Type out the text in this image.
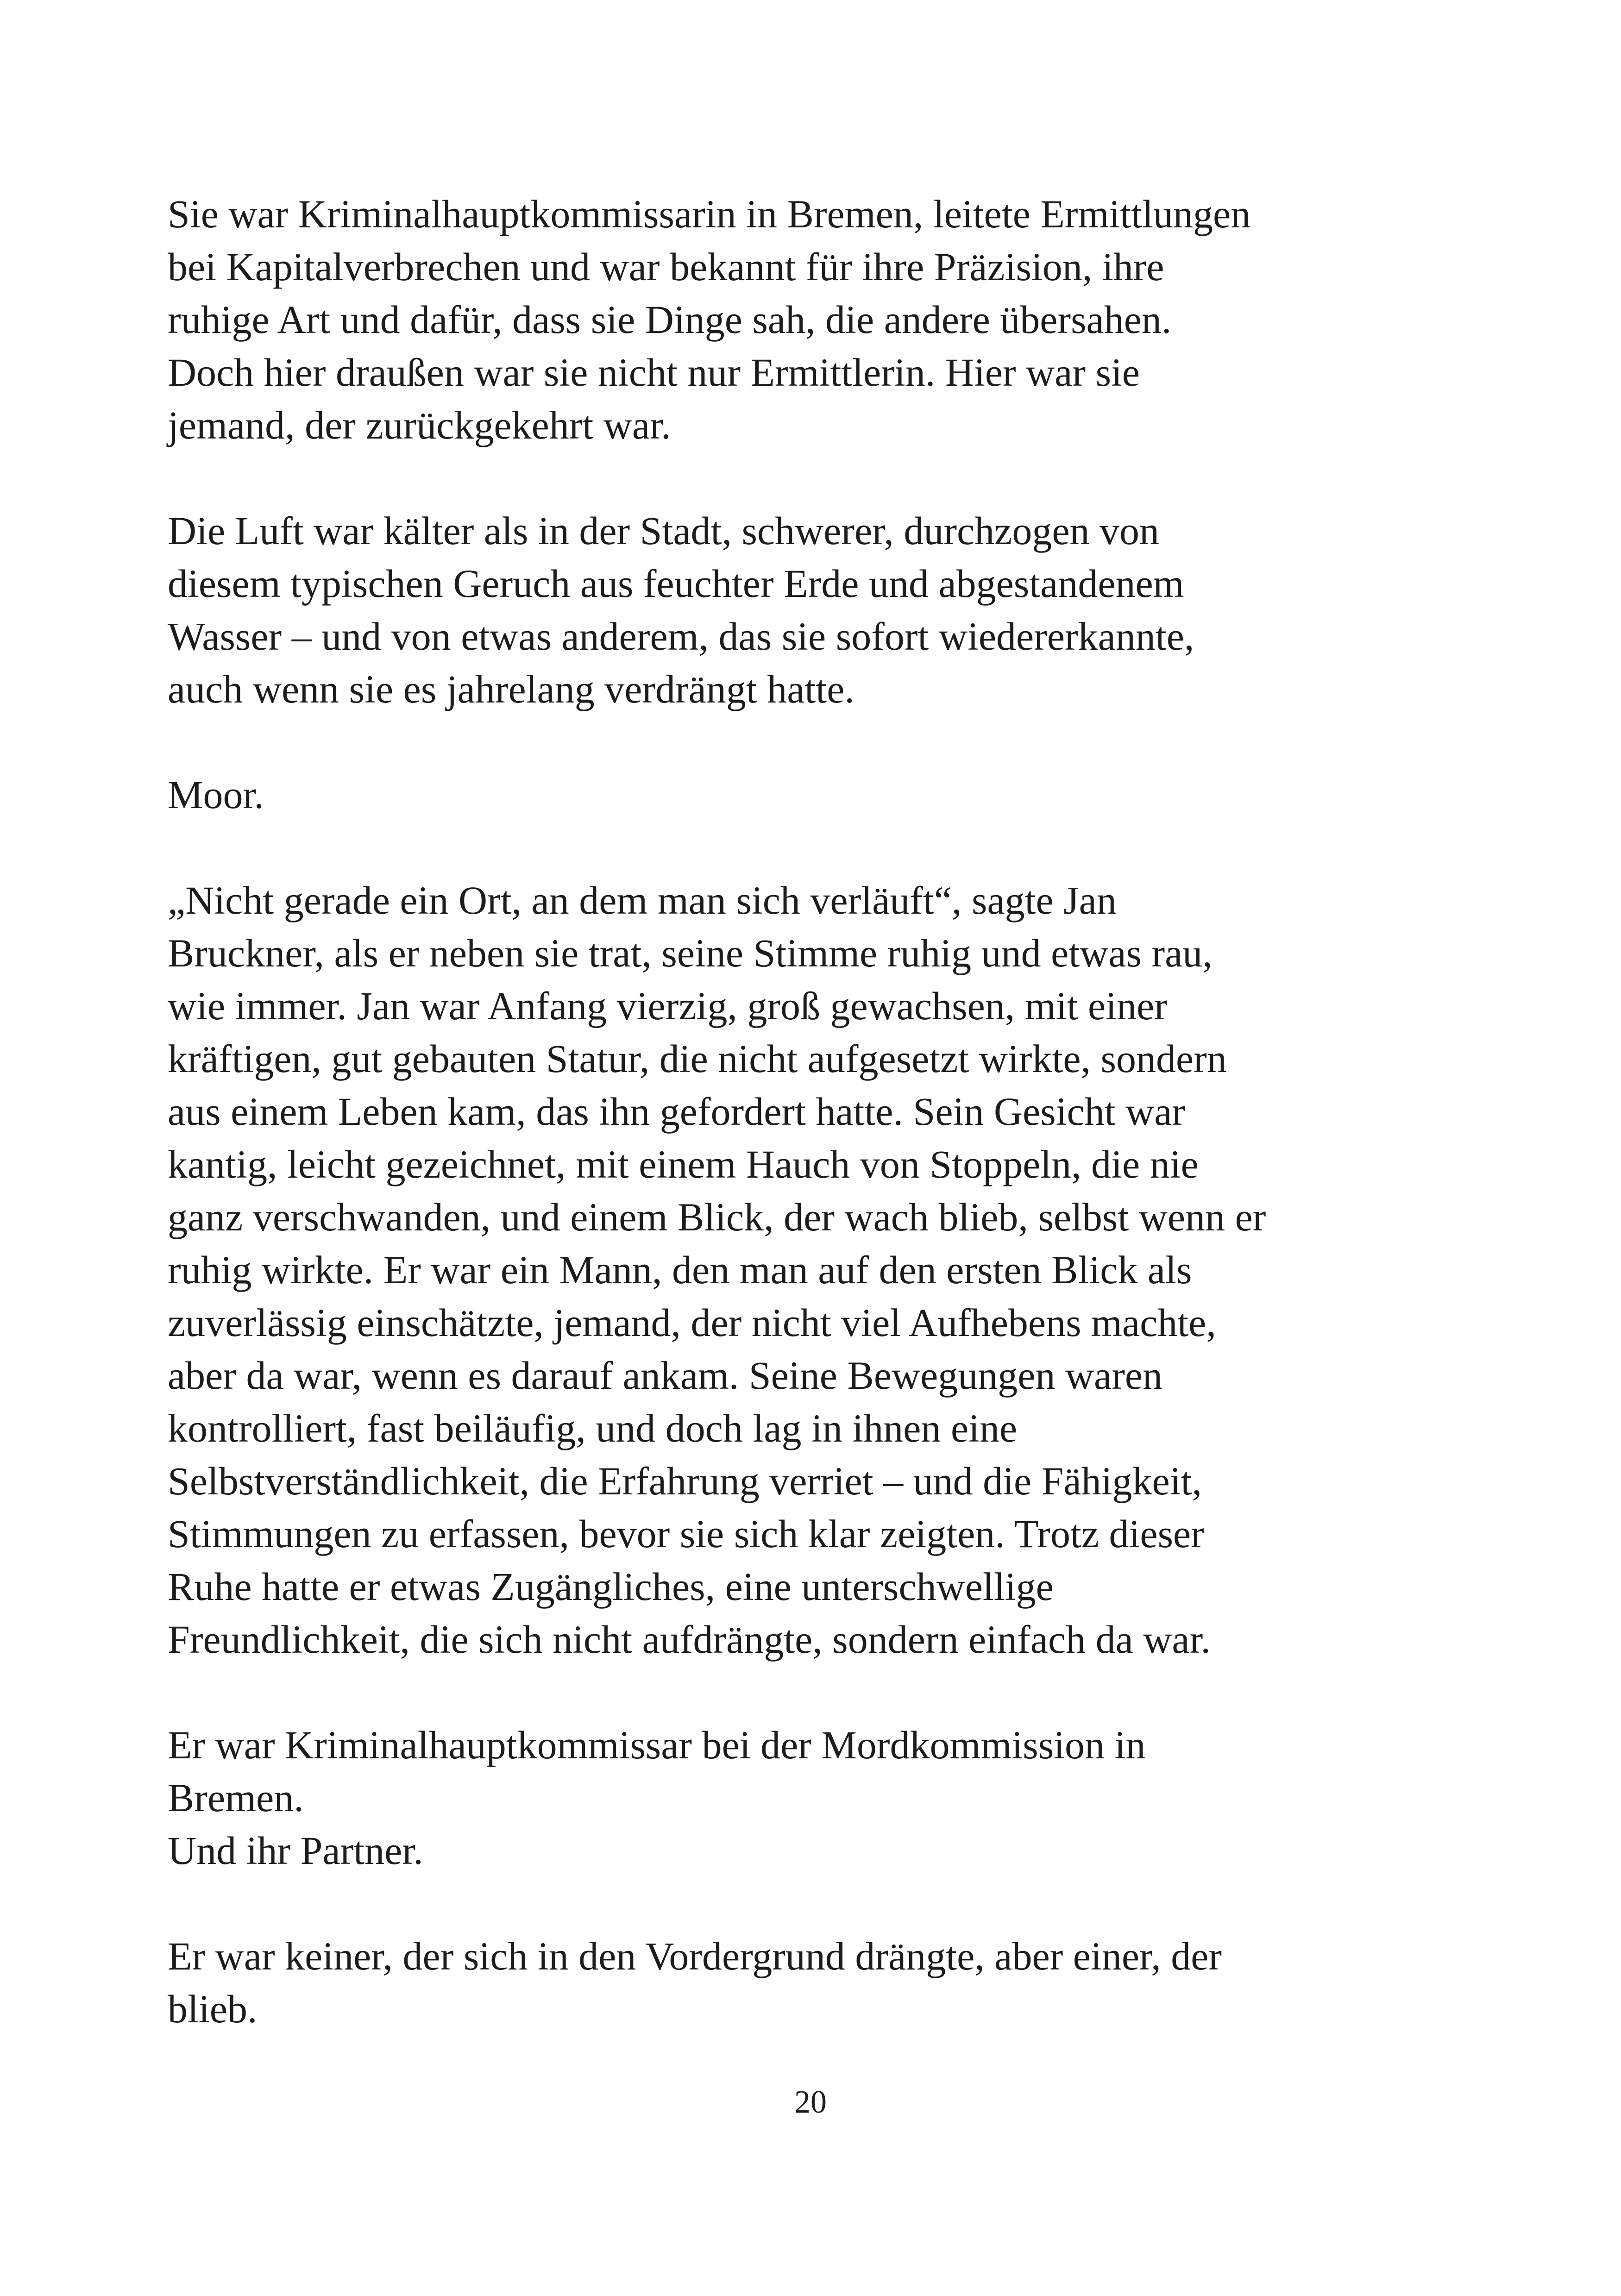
Sie war Kriminalhauptkommissarin in Bremen, leitete Ermittlungen
bei Kapitalverbrechen und war bekannt für ihre Präzision, ihre
ruhige Art und dafür, dass sie Dinge sah, die andere übersahen.
Doch hier draußen war sie nicht nur Ermittlerin. Hier war sie
jemand, der zurückgekehrt war.

Die Luft war kälter als in der Stadt, schwerer, durchzogen von
diesem typischen Geruch aus feuchter Erde und abgestandenem
Wasser – und von etwas anderem, das sie sofort wiedererkannte,
auch wenn sie es jahrelang verdrängt hatte.

Moor.

„Nicht gerade ein Ort, an dem man sich verläuft“, sagte Jan
Bruckner, als er neben sie trat, seine Stimme ruhig und etwas rau,
wie immer. Jan war Anfang vierzig, groß gewachsen, mit einer
kräftigen, gut gebauten Statur, die nicht aufgesetzt wirkte, sondern
aus einem Leben kam, das ihn gefordert hatte. Sein Gesicht war
kantig, leicht gezeichnet, mit einem Hauch von Stoppeln, die nie
ganz verschwanden, und einem Blick, der wach blieb, selbst wenn er
ruhig wirkte. Er war ein Mann, den man auf den ersten Blick als
zuverlässig einschätzte, jemand, der nicht viel Aufhebens machte,
aber da war, wenn es darauf ankam. Seine Bewegungen waren
kontrolliert, fast beiläufig, und doch lag in ihnen eine
Selbstverständlichkeit, die Erfahrung verriet – und die Fähigkeit,
Stimmungen zu erfassen, bevor sie sich klar zeigten. Trotz dieser
Ruhe hatte er etwas Zugängliches, eine unterschwellige
Freundlichkeit, die sich nicht aufdrängte, sondern einfach da war.

Er war Kriminalhauptkommissar bei der Mordkommission in
Bremen.
Und ihr Partner.

Er war keiner, der sich in den Vordergrund drängte, aber einer, der
blieb.

20
